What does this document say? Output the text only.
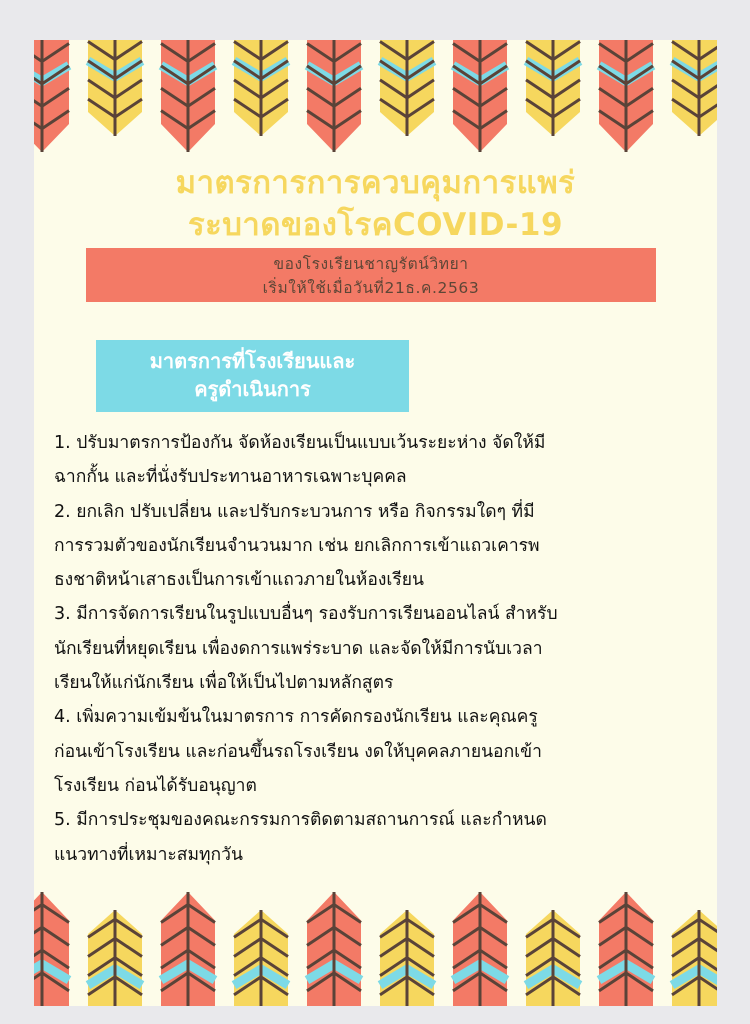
มาตรการการควบคุมการแพร่
ระบาดของโรคCOVID-19
ของโรงเรียนชาญรัตน์วิทยา
เริ่มให้ใช้เมื่อวันที่21ธ.ค.2563
มาตรการที่โรงเรียนและ
ครูดำเนินการ
1. ปรับมาตรการป้องกัน จัดห้องเรียนเป็นแบบเว้นระยะห่าง จัดให้มี
ฉากกั้น และที่นั่งรับประทานอาหารเฉพาะบุคคล
2. ยกเลิก ปรับเปลี่ยน และปรับกระบวนการ หรือ กิจกรรมใดๆ ที่มี
การรวมตัวของนักเรียนจำนวนมาก เช่น ยกเลิกการเข้าแถวเคารพ
ธงชาติหน้าเสาธงเป็นการเข้าแถวภายในห้องเรียน
3. มีการจัดการเรียนในรูปแบบอื่นๆ รองรับการเรียนออนไลน์ สำหรับ
นักเรียนที่หยุดเรียน เพื่องดการแพร่ระบาด และจัดให้มีการนับเวลา
เรียนให้แก่นักเรียน เพื่อให้เป็นไปตามหลักสูตร
4. เพิ่มความเข้มข้นในมาตรการ การคัดกรองนักเรียน และคุณครู
ก่อนเข้าโรงเรียน และก่อนขึ้นรถโรงเรียน งดให้บุคคลภายนอกเข้า
โรงเรียน ก่อนได้รับอนุญาต
5. มีการประชุมของคณะกรรมการติดตามสถานการณ์ และกำหนด
แนวทางที่เหมาะสมทุกวัน
